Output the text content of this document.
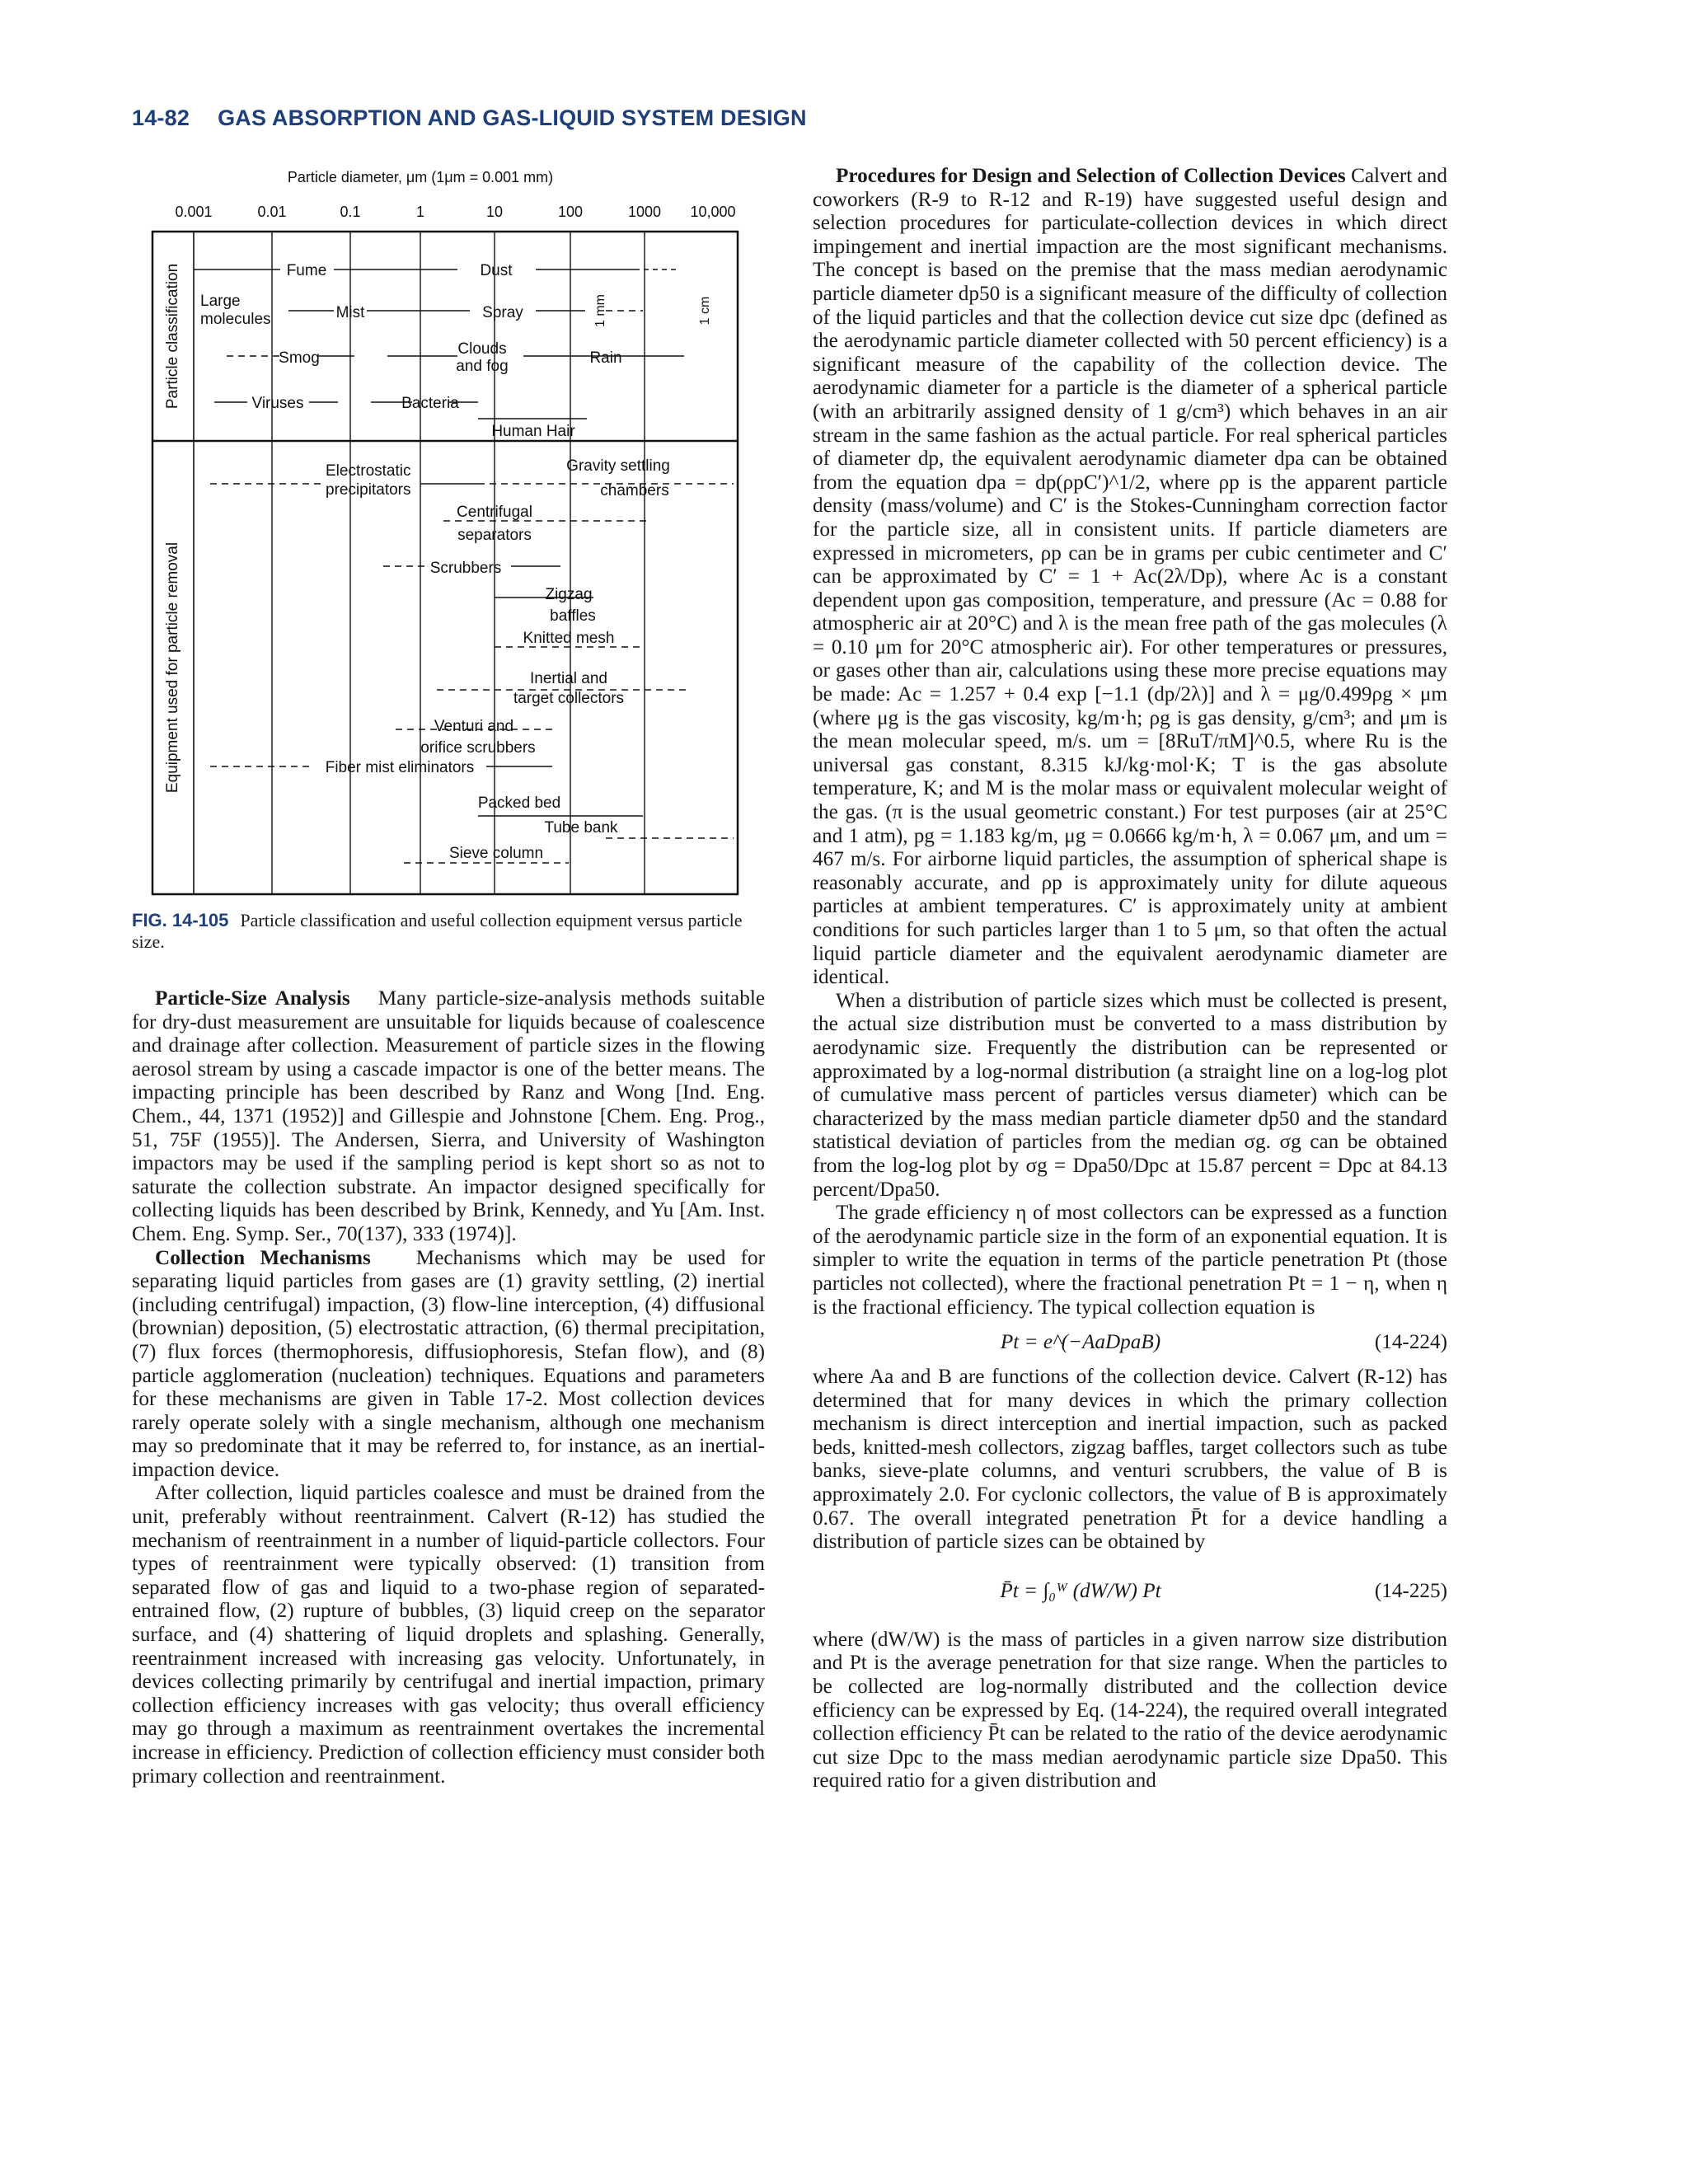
14-82 GAS ABSORPTION AND GAS-LIQUID SYSTEM DESIGN
Particle diameter, μm (1μm = 0.001 mm)
0.001	0.01	0.1	1	10	100	1000 10,000
Particle classification
Equipment used for particle removal
Fume	Dust
Large
molecules	Mist	Spray	1 mm	1 cm
Smog
Clouds
and fog	Rain
Viruses	Bacteria
Human Hair
Electrostatic
precipitators
Gravity settling
chambers
Centrifugal
separators
Scrubbers
Zigzag
baffles
Knitted mesh
Inertial and
target collectors
Venturi and
orifice scrubbers
Fiber mist eliminators
Packed bed
Tube bank
Sieve column
FIG. 14-105 Particle classification and useful collection equipment versus particle size.

Particle-Size Analysis Many particle-size-analysis methods suitable for dry-dust measurement are unsuitable for liquids because of coalescence and drainage after collection. Measurement of particle sizes in the flowing aerosol stream by using a cascade impactor is one of the better means. The impacting principle has been described by Ranz and Wong [Ind. Eng. Chem., 44, 1371 (1952)] and Gillespie and Johnstone [Chem. Eng. Prog., 51, 75F (1955)]. The Andersen, Sierra, and University of Washington impactors may be used if the sampling period is kept short so as not to saturate the collection substrate. An impactor designed specifically for collecting liquids has been described by Brink, Kennedy, and Yu [Am. Inst. Chem. Eng. Symp. Ser., 70(137), 333 (1974)].

Collection Mechanisms Mechanisms which may be used for separating liquid particles from gases are (1) gravity settling, (2) inertial (including centrifugal) impaction, (3) flow-line interception, (4) diffusional (brownian) deposition, (5) electrostatic attraction, (6) thermal precipitation, (7) flux forces (thermophoresis, diffusiophoresis, Stefan flow), and (8) particle agglomeration (nucleation) techniques. Equations and parameters for these mechanisms are given in Table 17-2. Most collection devices rarely operate solely with a single mechanism, although one mechanism may so predominate that it may be referred to, for instance, as an inertial-impaction device.

After collection, liquid particles coalesce and must be drained from the unit, preferably without reentrainment. Calvert (R-12) has studied the mechanism of reentrainment in a number of liquid-particle collectors. Four types of reentrainment were typically observed: (1) transition from separated flow of gas and liquid to a two-phase region of separated-entrained flow, (2) rupture of bubbles, (3) liquid creep on the separator surface, and (4) shattering of liquid droplets and splashing. Generally, reentrainment increased with increasing gas velocity. Unfortunately, in devices collecting primarily by centrifugal and inertial impaction, primary collection efficiency increases with gas velocity; thus overall efficiency may go through a maximum as reentrainment overtakes the incremental increase in efficiency. Prediction of collection efficiency must consider both primary collection and reentrainment.

Procedures for Design and Selection of Collection Devices Calvert and coworkers (R-9 to R-12 and R-19) have suggested useful design and selection procedures for particulate-collection devices in which direct impingement and inertial impaction are the most significant mechanisms. The concept is based on the premise that the mass median aerodynamic particle diameter dp50 is a significant measure of the difficulty of collection of the liquid particles and that the collection device cut size dpc (defined as the aerodynamic particle diameter collected with 50 percent efficiency) is a significant measure of the capability of the collection device. The aerodynamic diameter for a particle is the diameter of a spherical particle (with an arbitrarily assigned density of 1 g/cm³) which behaves in an air stream in the same fashion as the actual particle. For real spherical particles of diameter dp, the equivalent aerodynamic diameter dpa can be obtained from the equation dpa = dp(ρpC′)^1/2, where ρp is the apparent particle density (mass/volume) and C′ is the Stokes-Cunningham correction factor for the particle size, all in consistent units. If particle diameters are expressed in micrometers, ρp can be in grams per cubic centimeter and C′ can be approximated by C′ = 1 + Ac(2λ/Dp), where Ac is a constant dependent upon gas composition, temperature, and pressure (Ac = 0.88 for atmospheric air at 20°C) and λ is the mean free path of the gas molecules (λ = 0.10 μm for 20°C atmospheric air). For other temperatures or pressures, or gases other than air, calculations using these more precise equations may be made: Ac = 1.257 + 0.4 exp [−1.1 (dp/2λ)] and λ = μg/0.499ρg × μm (where μg is the gas viscosity, kg/m·h; ρg is gas density, g/cm³; and μm is the mean molecular speed, m/s. um = [8RuT/πM]^0.5, where Ru is the universal gas constant, 8.315 kJ/kg·mol·K; T is the gas absolute temperature, K; and M is the molar mass or equivalent molecular weight of the gas. (π is the usual geometric constant.) For test purposes (air at 25°C and 1 atm), pg = 1.183 kg/m, μg = 0.0666 kg/m·h, λ = 0.067 μm, and um = 467 m/s. For airborne liquid particles, the assumption of spherical shape is reasonably accurate, and ρp is approximately unity for dilute aqueous particles at ambient temperatures. C′ is approximately unity at ambient conditions for such particles larger than 1 to 5 μm, so that often the actual liquid particle diameter and the equivalent aerodynamic diameter are identical.

When a distribution of particle sizes which must be collected is present, the actual size distribution must be converted to a mass distribution by aerodynamic size. Frequently the distribution can be represented or approximated by a log-normal distribution (a straight line on a log-log plot of cumulative mass percent of particles versus diameter) which can be characterized by the mass median particle diameter dp50 and the standard statistical deviation of particles from the median σg. σg can be obtained from the log-log plot by σg = Dpa50/Dpc at 15.87 percent = Dpc at 84.13 percent/Dpa50.

The grade efficiency η of most collectors can be expressed as a function of the aerodynamic particle size in the form of an exponential equation. It is simpler to write the equation in terms of the particle penetration Pt (those particles not collected), where the fractional penetration Pt = 1 − η, when η is the fractional efficiency. The typical collection equation is

Pt = e^(−AaDpaB)	(14-224)

where Aa and B are functions of the collection device. Calvert (R-12) has determined that for many devices in which the primary collection mechanism is direct interception and inertial impaction, such as packed beds, knitted-mesh collectors, zigzag baffles, target collectors such as tube banks, sieve-plate columns, and venturi scrubbers, the value of B is approximately 2.0. For cyclonic collectors, the value of B is approximately 0.67. The overall integrated penetration P̄t for a device handling a distribution of particle sizes can be obtained by

P̄t = ∫₀ᵂ (dW/W) Pt	(14-225)

where (dW/W) is the mass of particles in a given narrow size distribution and Pt is the average penetration for that size range. When the particles to be collected are log-normally distributed and the collection device efficiency can be expressed by Eq. (14-224), the required overall integrated collection efficiency P̄t can be related to the ratio of the device aerodynamic cut size Dpc to the mass median aerodynamic particle size Dpa50. This required ratio for a given distribution and
